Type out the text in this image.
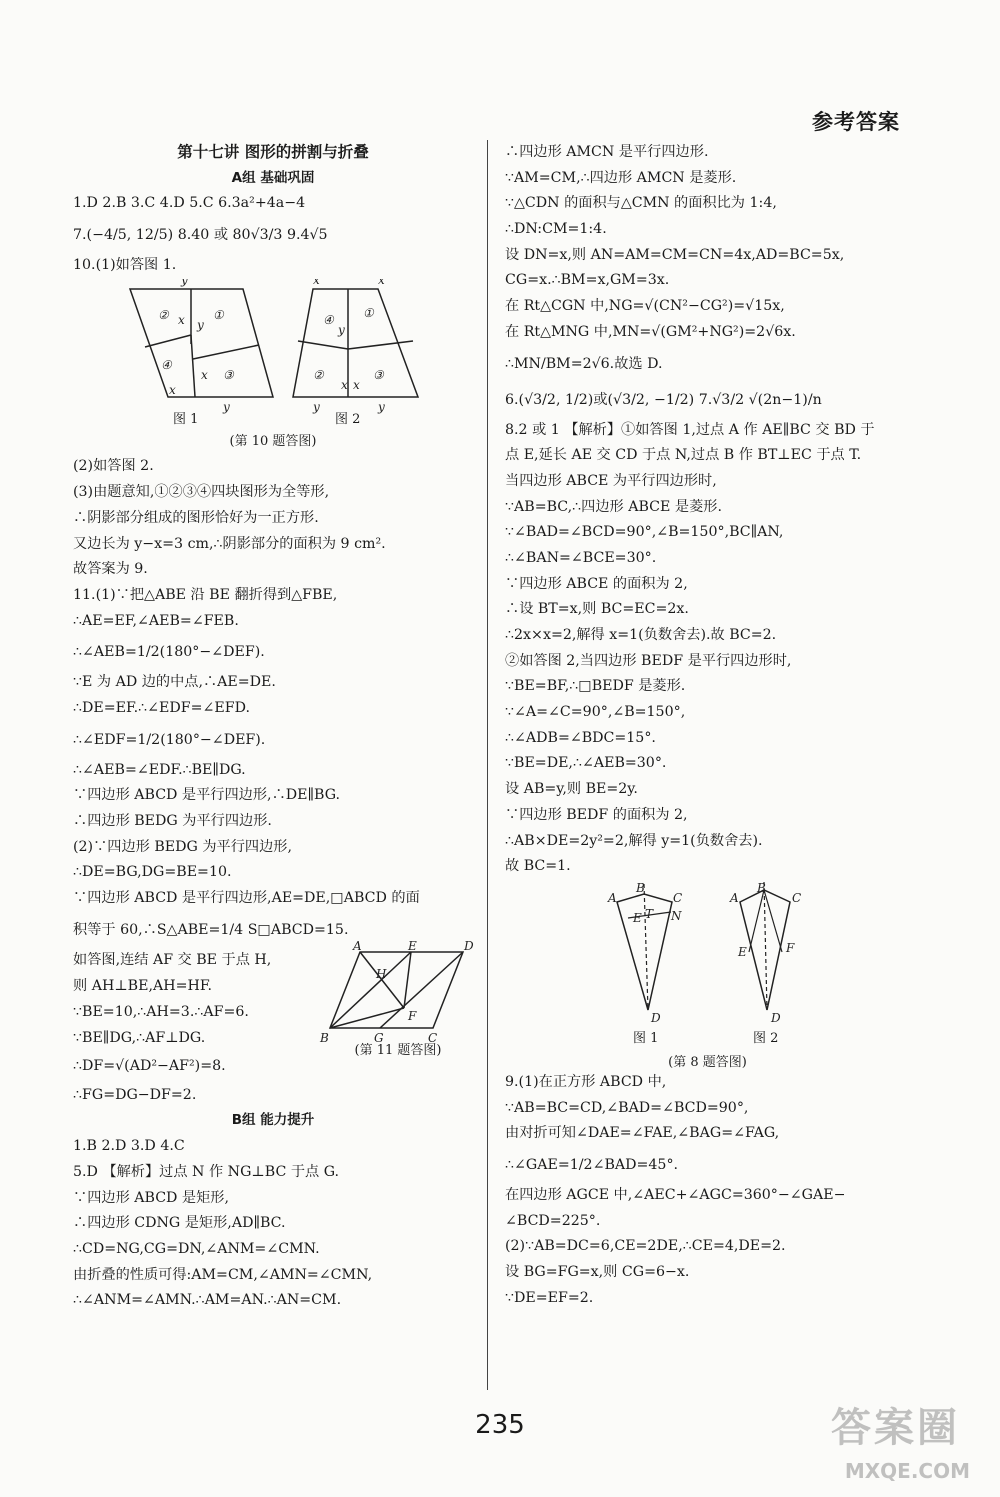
参考答案
第十七讲 图形的拼割与折叠
A组 基础巩固
1.D 2.B 3.C 4.D 5.C 6.3a²+4a−4
7.(−4/5, 12/5) 8.40 或 80√3/3 9.4√5
10.(1)如答图 1.
②	①
④
③
y
x y
x
x
y
④ ①
②	③
x	x
y
x x
y	y
图 1	图 2
(第 10 题答图)
(2)如答图 2.
(3)由题意知,①②③④四块图形为全等形,
∴阴影部分组成的图形恰好为一正方形.
又边长为 y−x=3 cm,∴阴影部分的面积为 9 cm².
故答案为 9.
11.(1)∵把△ABE 沿 BE 翻折得到△FBE,
∴AE=EF,∠AEB=∠FEB.
∴∠AEB=1/2(180°−∠DEF).
∵E 为 AD 边的中点,∴AE=DE.
∴DE=EF.∴∠EDF=∠EFD.
∴∠EDF=1/2(180°−∠DEF).
∴∠AEB=∠EDF.∴BE∥DG.
∵四边形 ABCD 是平行四边形,∴DE∥BG.
∴四边形 BEDG 为平行四边形.
(2)∵四边形 BEDG 为平行四边形,
∴DE=BG,DG=BE=10.
∵四边形 ABCD 是平行四边形,AE=DE,□ABCD 的面
积等于 60,∴S△ABE=1/4 S□ABCD=15.
如答图,连结 AF 交 BE 于点 H,
则 AH⊥BE,AH=HF.
∵BE=10,∴AH=3.∴AF=6.
∵BE∥DG,∴AF⊥DG.
∴DF=√(AD²−AF²)=8.
A	E	D
H
F
B	G	C
(第 11 题答图)
∴FG=DG−DF=2.
B组 能力提升
1.B 2.D 3.D 4.C
5.D 【解析】过点 N 作 NG⊥BC 于点 G.
∵四边形 ABCD 是矩形,
∴四边形 CDNG 是矩形,AD∥BC.
∴CD=NG,CG=DN,∠ANM=∠CMN.
由折叠的性质可得:AM=CM,∠AMN=∠CMN,
∴∠ANM=∠AMN.∴AM=AN.∴AN=CM.
∴四边形 AMCN 是平行四边形.
∵AM=CM,∴四边形 AMCN 是菱形.
∵△CDN 的面积与△CMN 的面积比为 1:4,
∴DN:CM=1:4.
设 DN=x,则 AN=AM=CM=CN=4x,AD=BC=5x,
CG=x.∴BM=x,GM=3x.
在 Rt△CGN 中,NG=√(CN²−CG²)=√15x,
在 Rt△MNG 中,MN=√(GM²+NG²)=2√6x.
∴MN/BM=2√6.故选 D.
6.(√3/2, 1/2)或(√3/2, −1/2) 7.√3/2 √(2n−1)/n
8.2 或 1 【解析】①如答图 1,过点 A 作 AE∥BC 交 BD 于
点 E,延长 AE 交 CD 于点 N,过点 B 作 BT⊥EC 于点 T.
当四边形 ABCE 为平行四边形时,
∵AB=BC,∴四边形 ABCE 是菱形.
∵∠BAD=∠BCD=90°,∠B=150°,BC∥AN,
∴∠BAN=∠BCE=30°.
∵四边形 ABCE 的面积为 2,
∴设 BT=x,则 BC=EC=2x.
∴2x×x=2,解得 x=1(负数舍去).故 BC=2.
②如答图 2,当四边形 BEDF 是平行四边形时,
∵BE=BF,∴□BEDF 是菱形.
∵∠A=∠C=90°,∠B=150°,
∴∠ADB=∠BDC=15°.
∵BE=DE,∴∠AEB=30°.
设 AB=y,则 BE=2y.
∵四边形 BEDF 的面积为 2,
∴AB×DE=2y²=2,解得 y=1(负数舍去).
故 BC=1.
A
B
C
E T N
D
A
B
C
E	F
D
图 1	图 2
(第 8 题答图)
9.(1)在正方形 ABCD 中,
∵AB=BC=CD,∠BAD=∠BCD=90°,
由对折可知∠DAE=∠FAE,∠BAG=∠FAG,
∴∠GAE=1/2∠BAD=45°.
在四边形 AGCE 中,∠AEC+∠AGC=360°−∠GAE−
∠BCD=225°.
(2)∵AB=DC=6,CE=2DE,∴CE=4,DE=2.
设 BG=FG=x,则 CG=6−x.
∵DE=EF=2.
235	答案圈
MXQE.COM
